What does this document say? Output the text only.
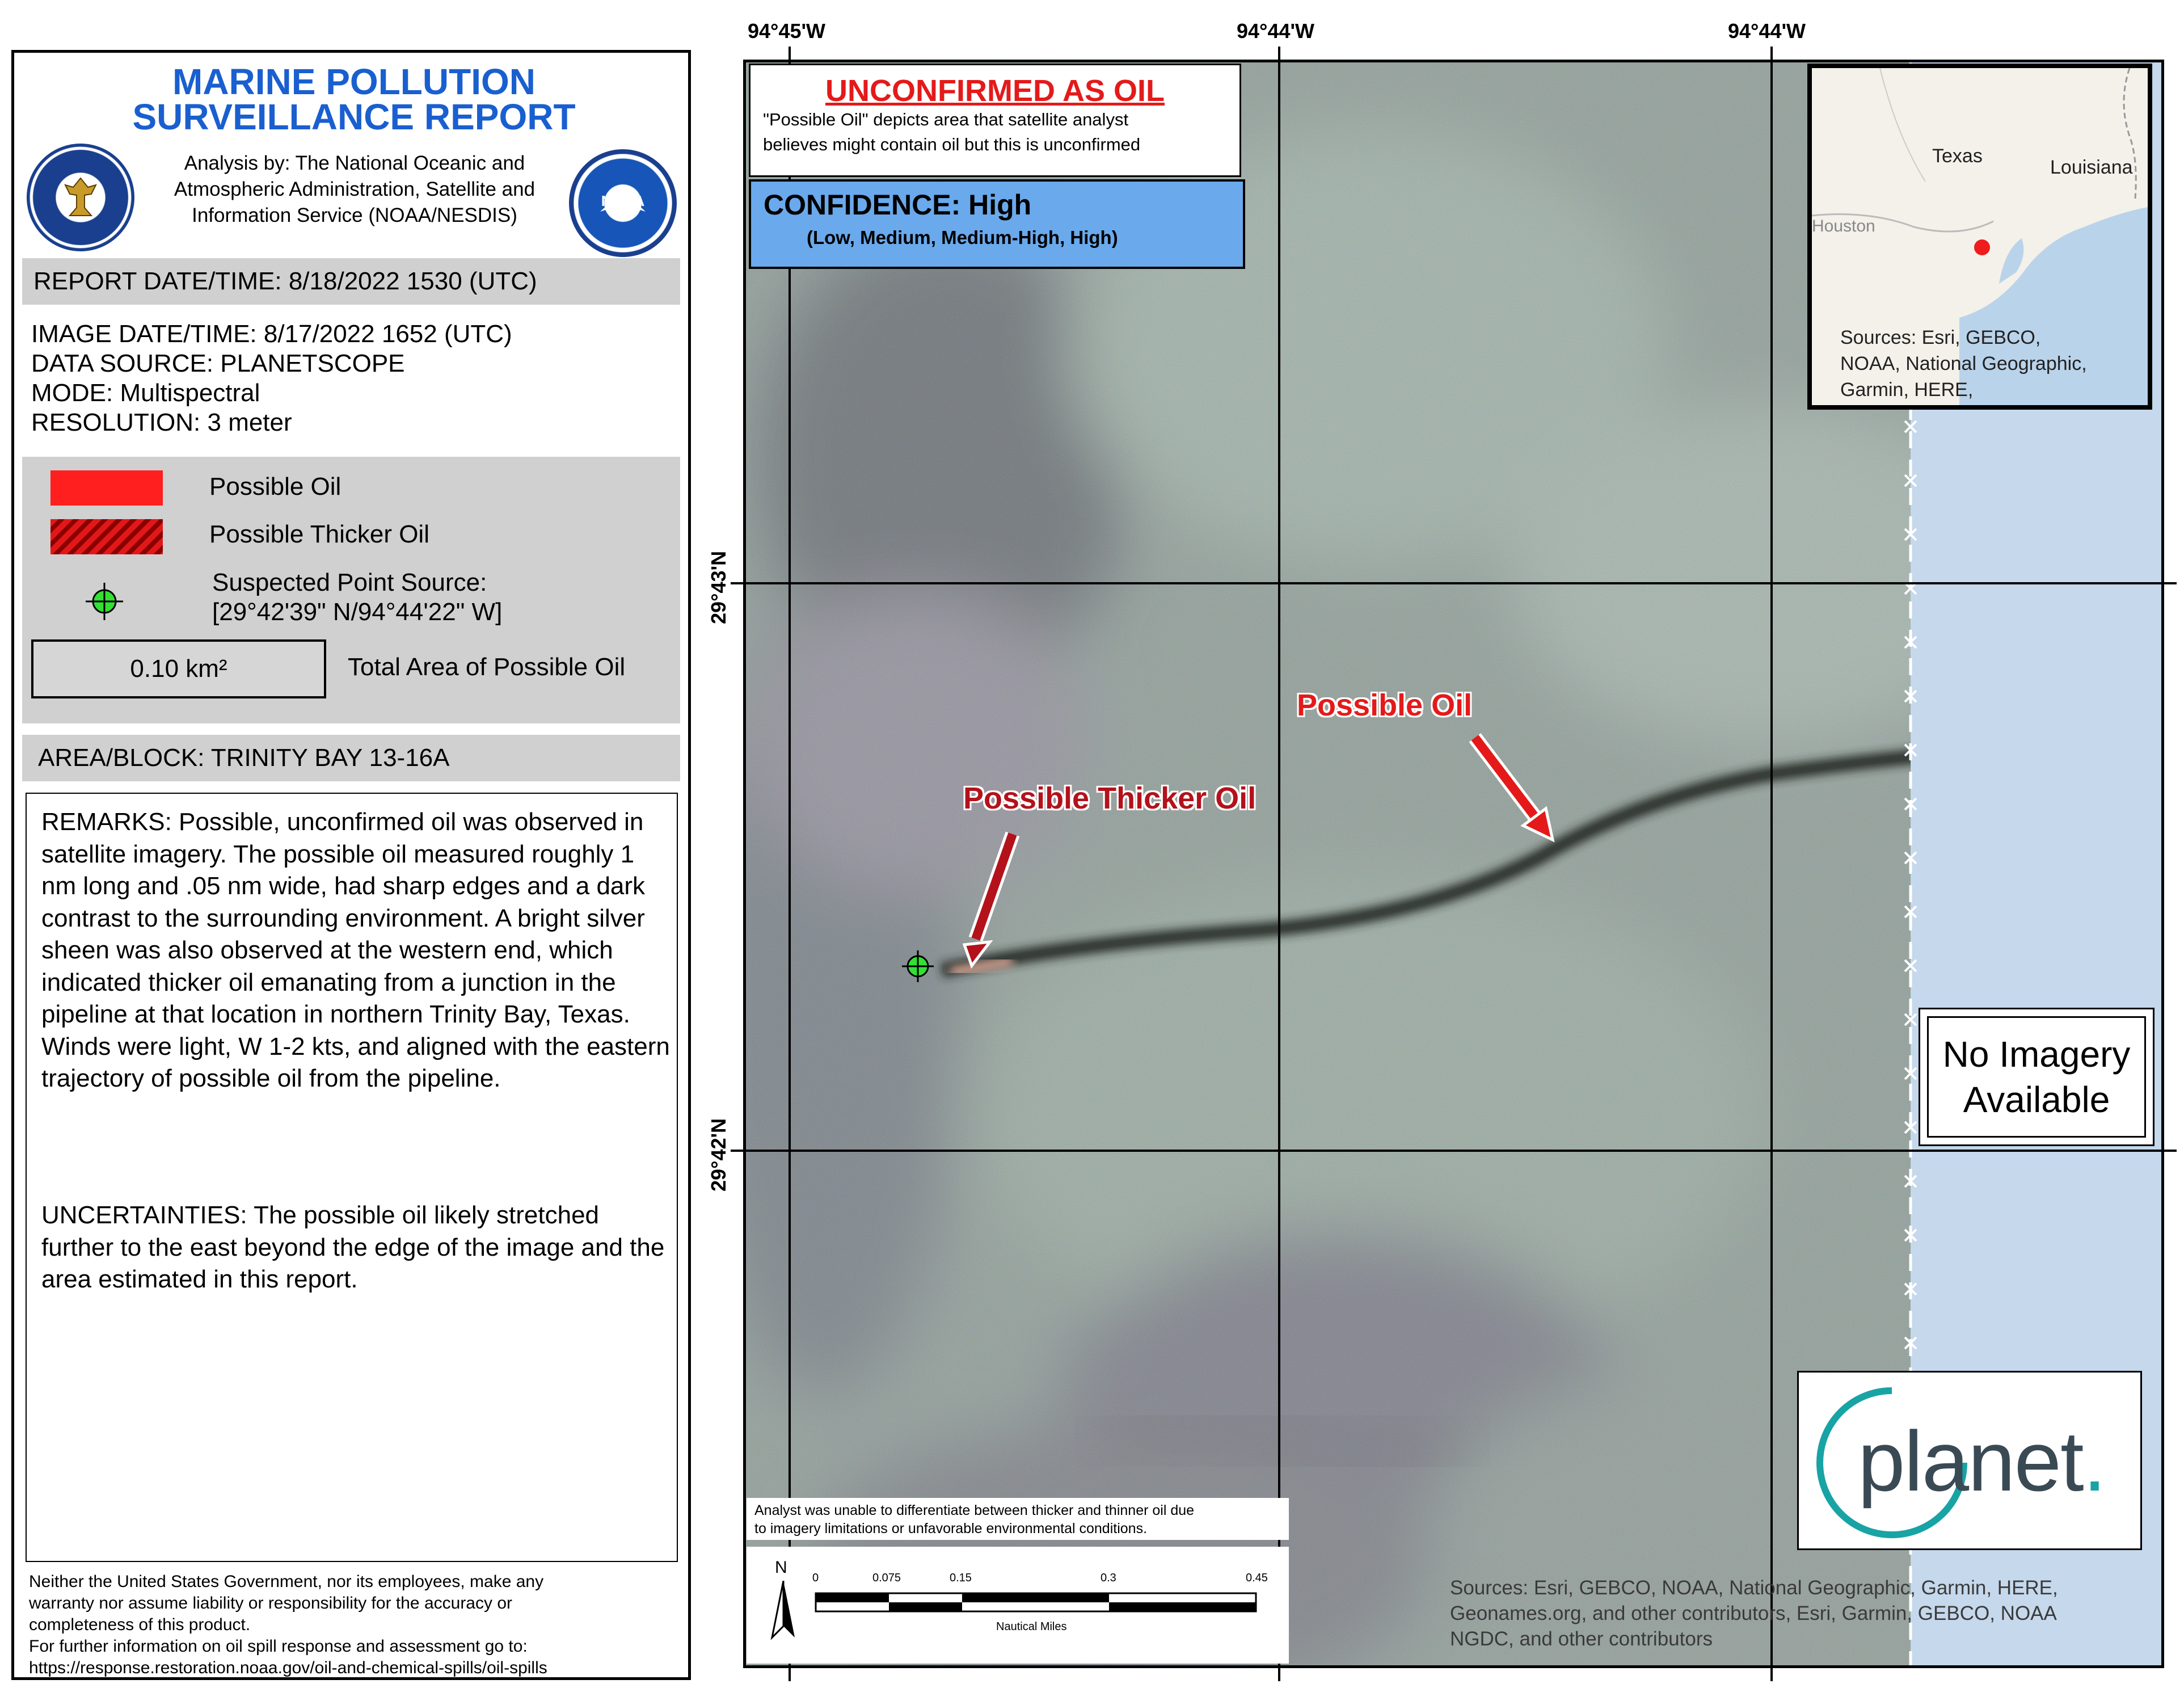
MARINE POLLUTION
SURVEILLANCE REPORT
Analysis by: The National Oceanic and
Atmospheric Administration, Satellite and
Information Service (NOAA/NESDIS)
NOAA
REPORT DATE/TIME: 8/18/2022 1530 (UTC)
IMAGE DATE/TIME: 8/17/2022 1652 (UTC)
DATA SOURCE: PLANETSCOPE
MODE: Multispectral
RESOLUTION: 3 meter
Possible Oil
Possible Thicker Oil
Suspected Point Source:
[29°42'39" N/94°44'22" W]
0.10 km²	Total Area of Possible Oil
AREA/BLOCK: TRINITY BAY 13-16A
REMARKS: Possible, unconfirmed oil was observed in satellite imagery. The possible oil measured roughly 1 nm long and .05 nm wide, had sharp edges and a dark contrast to the surrounding environment. A bright silver sheen was also observed at the western end, which indicated thicker oil emanating from a junction in the pipeline at that location in northern Trinity Bay, Texas. Winds were light, W 1-2 kts, and aligned with the eastern trajectory of possible oil from the pipeline.
UNCERTAINTIES: The possible oil likely stretched further to the east beyond the edge of the image and the area estimated in this report.
Neither the United States Government, nor its employees, make any
warranty nor assume liability or responsibility for the accuracy or
completeness of this product.
For further information on oil spill response and assessment go to:
https://response.restoration.noaa.gov/oil-and-chemical-spills/oil-spills
94°45'W	94°44'W	94°44'W
29°43'N
29°42'N
UNCONFIRMED AS OIL
"Possible Oil" depicts area that satellite analyst
believes might contain oil but this is unconfirmed
CONFIDENCE: High
(Low, Medium, Medium-High, High)
Texas
Louisiana
Houston
Sources: Esri, GEBCO,
NOAA, National Geographic,
Garmin, HERE,
Possible Thicker Oil
Possible Oil
No Imagery
Available
planet.
Analyst was unable to differentiate between thicker and thinner oil due
to imagery limitations or unfavorable environmental conditions.
N
0	0.075	0.15	0.3	0.45
Nautical Miles
Sources: Esri, GEBCO, NOAA, National Geographic, Garmin, HERE,
Geonames.org, and other contributors, Esri, Garmin, GEBCO, NOAA
NGDC, and other contributors
